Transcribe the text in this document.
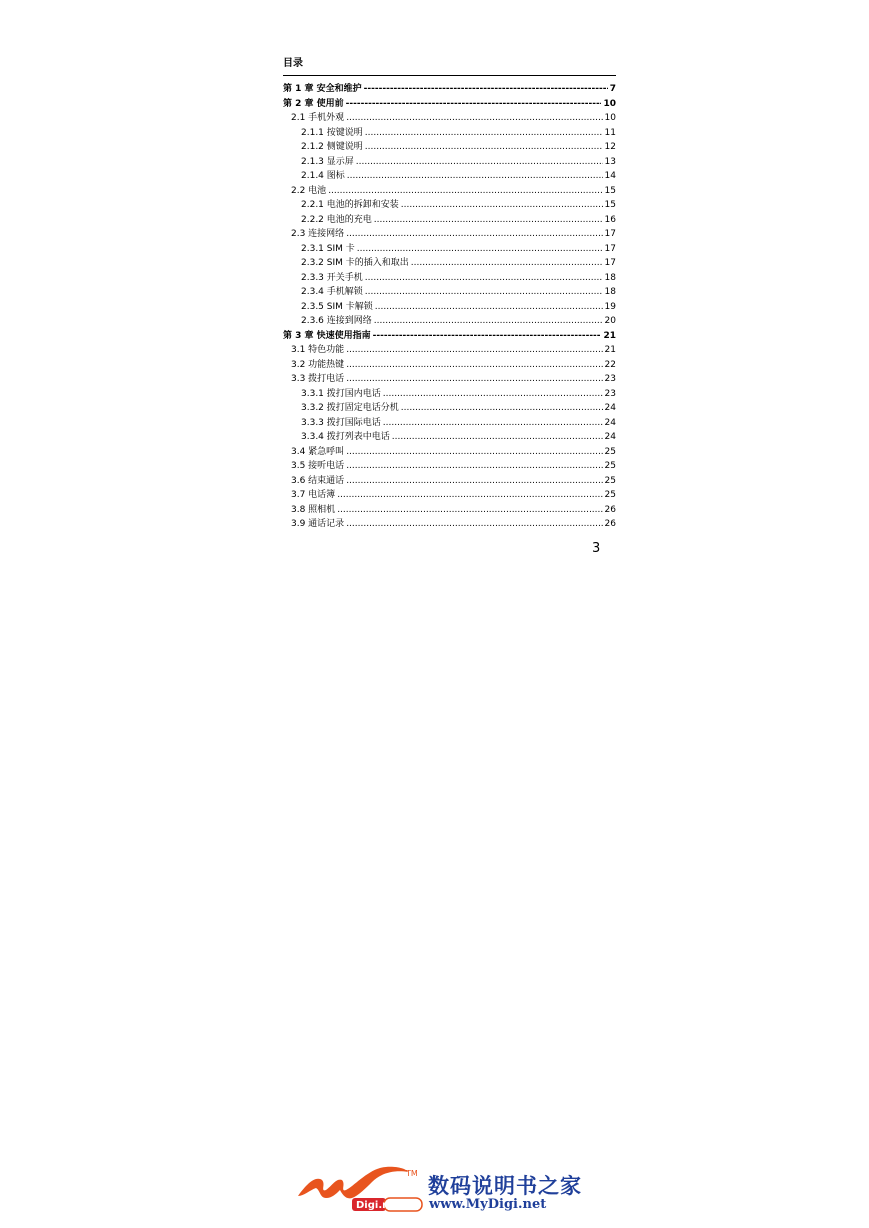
目录
第 1 章 安全和维护 -----	7
第 2 章 使用前 -----	10
2.1 手机外观 .....	10
2.1.1 按键说明 .....	11
2.1.2 侧键说明 .....	12
2.1.3 显示屏 .....	13
2.1.4 图标 .....	14
2.2 电池 .....	15
2.2.1 电池的拆卸和安装 .....	15
2.2.2 电池的充电 .....	16
2.3 连接网络 .....	17
2.3.1 SIM 卡 .....	17
2.3.2 SIM 卡的插入和取出 .....	17
2.3.3 开关手机 .....	18
2.3.4 手机解锁 .....	18
2.3.5 SIM 卡解锁 .....	19
2.3.6 连接到网络 .....	20
第 3 章 快速使用指南 -----	21
3.1 特色功能 .....	21
3.2 功能热键 .....	22
3.3 拨打电话 .....	23
3.3.1 拨打国内电话 .....	23
3.3.2 拨打固定电话分机 .....	24
3.3.3 拨打国际电话 .....	24
3.3.4 拨打列表中电话 .....	24
3.4 紧急呼叫 .....	25
3.5 接听电话 .....	25
3.6 结束通话 .....	25
3.7 电话簿 .....	25
3.8 照相机 .....	26
3.9 通话记录 .....	26
3
TM
Digi.net
数码说明书之家
www.MyDigi.net
